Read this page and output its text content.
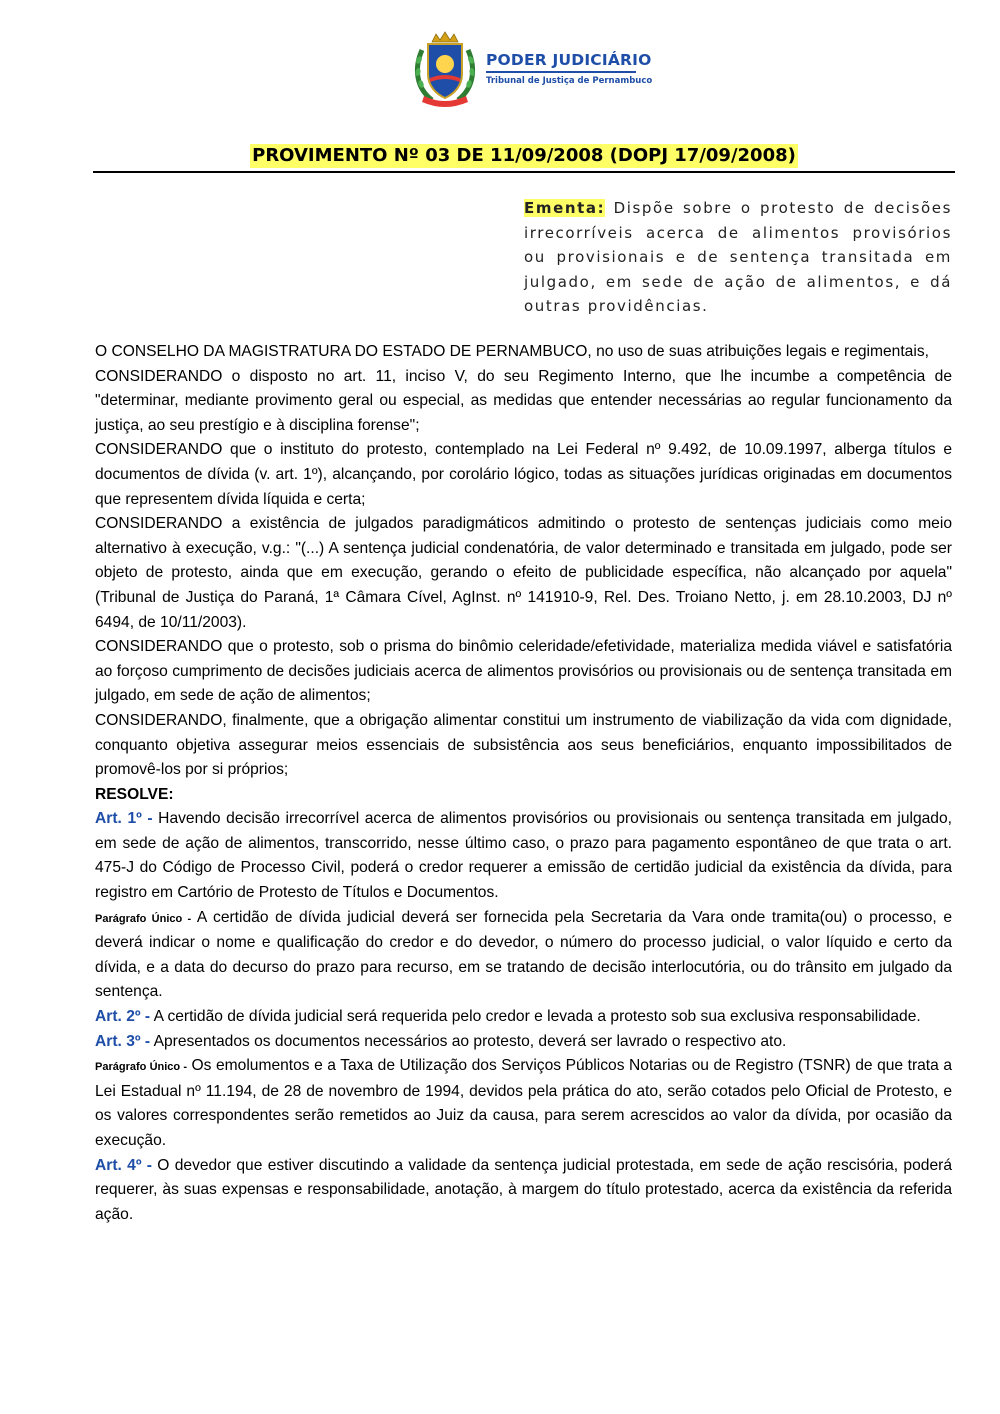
PODER JUDICIÁRIO
Tribunal de Justiça de Pernambuco
PROVIMENTO Nº 03 DE 11/09/2008 (DOPJ 17/09/2008)
Ementa: Dispõe sobre o protesto de decisões irrecorríveis acerca de alimentos provisórios ou provisionais e de sentença transitada em julgado, em sede de ação de alimentos, e dá outras providências.

O CONSELHO DA MAGISTRATURA DO ESTADO DE PERNAMBUCO, no uso de suas atribuições legais e regimentais,

CONSIDERANDO o disposto no art. 11, inciso V, do seu Regimento Interno, que lhe incumbe a competência de "determinar, mediante provimento geral ou especial, as medidas que entender necessárias ao regular funcionamento da justiça, ao seu prestígio e à disciplina forense";

CONSIDERANDO que o instituto do protesto, contemplado na Lei Federal nº 9.492, de 10.09.1997, alberga títulos e documentos de dívida (v. art. 1º), alcançando, por corolário lógico, todas as situações jurídicas originadas em documentos que representem dívida líquida e certa;

CONSIDERANDO a existência de julgados paradigmáticos admitindo o protesto de sentenças judiciais como meio alternativo à execução, v.g.: "(...) A sentença judicial condenatória, de valor determinado e transitada em julgado, pode ser objeto de protesto, ainda que em execução, gerando o efeito de publicidade específica, não alcançado por aquela" (Tribunal de Justiça do Paraná, 1ª Câmara Cível, AgInst. nº 141910-9, Rel. Des. Troiano Netto, j. em 28.10.2003, DJ nº 6494, de 10/11/2003).

CONSIDERANDO que o protesto, sob o prisma do binômio celeridade/efetividade, materializa medida viável e satisfatória ao forçoso cumprimento de decisões judiciais acerca de alimentos provisórios ou provisionais ou de sentença transitada em julgado, em sede de ação de alimentos;

CONSIDERANDO, finalmente, que a obrigação alimentar constitui um instrumento de viabilização da vida com dignidade, conquanto objetiva assegurar meios essenciais de subsistência aos seus beneficiários, enquanto impossibilitados de promovê-los por si próprios;

RESOLVE:

Art. 1º - Havendo decisão irrecorrível acerca de alimentos provisórios ou provisionais ou sentença transitada em julgado, em sede de ação de alimentos, transcorrido, nesse último caso, o prazo para pagamento espontâneo de que trata o art. 475-J do Código de Processo Civil, poderá o credor requerer a emissão de certidão judicial da existência da dívida, para registro em Cartório de Protesto de Títulos e Documentos.

Parágrafo Único - A certidão de dívida judicial deverá ser fornecida pela Secretaria da Vara onde tramita(ou) o processo, e deverá indicar o nome e qualificação do credor e do devedor, o número do processo judicial, o valor líquido e certo da dívida, e a data do decurso do prazo para recurso, em se tratando de decisão interlocutória, ou do trânsito em julgado da sentença.

Art. 2º - A certidão de dívida judicial será requerida pelo credor e levada a protesto sob sua exclusiva responsabilidade.

Art. 3º - Apresentados os documentos necessários ao protesto, deverá ser lavrado o respectivo ato.

Parágrafo Único - Os emolumentos e a Taxa de Utilização dos Serviços Públicos Notarias ou de Registro (TSNR) de que trata a Lei Estadual nº 11.194, de 28 de novembro de 1994, devidos pela prática do ato, serão cotados pelo Oficial de Protesto, e os valores correspondentes serão remetidos ao Juiz da causa, para serem acrescidos ao valor da dívida, por ocasião da execução.

Art. 4º - O devedor que estiver discutindo a validade da sentença judicial protestada, em sede de ação rescisória, poderá requerer, às suas expensas e responsabilidade, anotação, à margem do título protestado, acerca da existência da referida ação.
